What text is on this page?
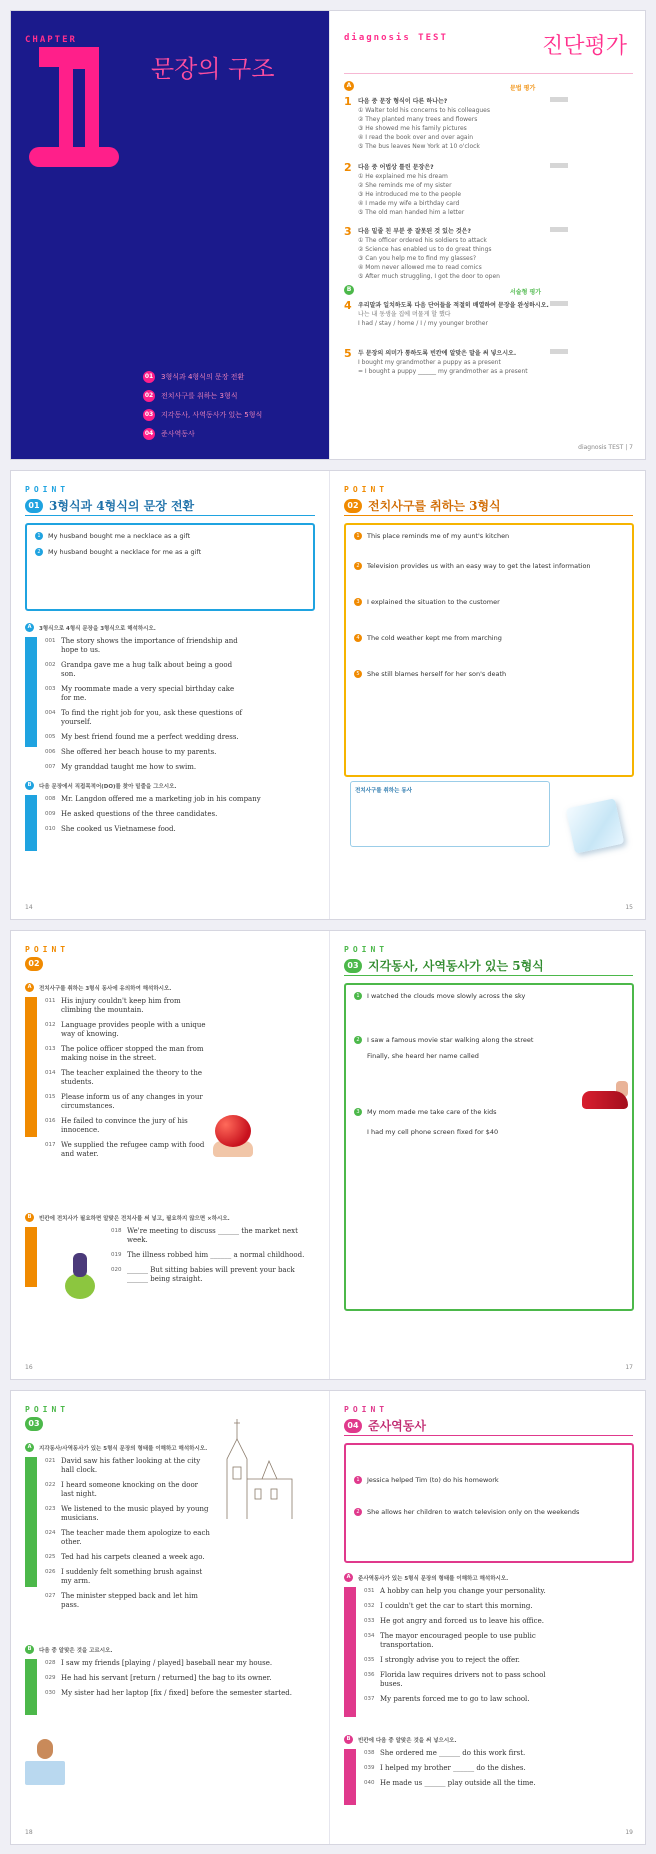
CHAPTER
문장의 구조
01 3형식과 4형식의 문장 전환
02 전치사구를 취하는 3형식
03 지각동사, 사역동사가 있는 5형식
04 준사역동사
diagnosis TEST	진단평가
A	문법 평가
1 다음 중 문장 형식이 다른 하나는?
① Walter told his concerns to his colleagues
② They planted many trees and flowers
③ He showed me his family pictures
④ I read the book over and over again
⑤ The bus leaves New York at 10 o'clock
2 다음 중 어법상 틀린 문장은?
① He explained me his dream
② She reminds me of my sister
③ He introduced me to the people
④ I made my wife a birthday card
⑤ The old man handed him a letter
3 다음 밑줄 친 부분 중 잘못된 것 있는 것은?
① The officer ordered his soldiers to attack
② Science has enabled us to do great things
③ Can you help me to find my glasses?
④ Mom never allowed me to read comics
⑤ After much struggling, I got the door to open
B	서술형 평가
4 우리말과 일치하도록 다음 단어들을 적절히 배열하여 문장을 완성하시오.
나는 내 동생을 집에 머물게 할 했다
I had / stay / home / I / my younger brother
5 두 문장의 의미가 통하도록 빈칸에 알맞은 말을 써 넣으시오.
I bought my grandmother a puppy as a present
= I bought a puppy ______ my grandmother as a present
diagnosis TEST | 7
POINT
01 3형식과 4형식의 문장 전환
1	My husband bought me a necklace as a gift
2	My husband bought a necklace for me as a gift
A	3형식으로 4형식 문장을 3형식으로 해석하시오.
001 The story shows the importance of friendship and hope to us.
002 Grandpa gave me a hug talk about being a good son.
003 My roommate made a very special birthday cake for me.
004 To find the right job for you, ask these questions of yourself.
005 My best friend found me a perfect wedding dress.
006 She offered her beach house to my parents.
007 My granddad taught me how to swim.
B	다음 문장에서 직접목적어(DO)를 찾아 밑줄을 그으시오.
008 Mr. Langdon offered me a marketing job in his company
009 He asked questions of the three candidates.
010 She cooked us Vietnamese food.
14
POINT
02 전치사구를 취하는 3형식
1	This place reminds me of my aunt's kitchen
2	Television provides us with an easy way to get the latest information
3	I explained the situation to the customer
4	The cold weather kept me from marching
5	She still blames herself for her son's death
전치사구를 취하는 동사
15
POINT
02
A	전치사구를 취하는 3형식 동사에 유의하여 해석하시오.
011 His injury couldn't keep him from climbing the mountain.
012 Language provides people with a unique way of knowing.
013 The police officer stopped the man from making noise in the street.
014 The teacher explained the theory to the students.
015 Please inform us of any changes in your circumstances.
016 He failed to convince the jury of his innocence.
017 We supplied the refugee camp with food and water.
B	빈칸에 전치사가 필요하면 알맞은 전치사를 써 넣고, 필요하지 않으면 ×하시오.
018 We're meeting to discuss ______ the market next week.
019 The illness robbed him ______ a normal childhood.
020 ______ But sitting babies will prevent your back ______ being straight.
16
POINT
03 지각동사, 사역동사가 있는 5형식
1	I watched the clouds move slowly across the sky
2	I saw a famous movie star walking along the street
Finally, she heard her name called
3	My mom made me take care of the kids
I had my cell phone screen fixed for $40
17
POINT
03
A	지각동사/사역동사가 있는 5형식 문장의 형태를 이해하고 해석하시오.
021 David saw his father looking at the city hall clock.
022 I heard someone knocking on the door last night.
023 We listened to the music played by young musicians.
024 The teacher made them apologize to each other.
025 Ted had his carpets cleaned a week ago.
026 I suddenly felt something brush against my arm.
027 The minister stepped back and let him pass.
B	다음 중 알맞은 것을 고르시오.
028 I saw my friends [playing / played] baseball near my house.
029 He had his servant [return / returned] the bag to its owner.
030 My sister had her laptop [fix / fixed] before the semester started.
18
POINT
04 준사역동사
1	Jessica helped Tim (to) do his homework
2	She allows her children to watch television only on the weekends
A	준사역동사가 있는 5형식 문장의 형태를 이해하고 해석하시오.
031 A hobby can help you change your personality.
032 I couldn't get the car to start this morning.
033 He got angry and forced us to leave his office.
034 The mayor encouraged people to use public transportation.
035 I strongly advise you to reject the offer.
036 Florida law requires drivers not to pass school buses.
037 My parents forced me to go to law school.
B	빈칸에 다음 중 알맞은 것을 써 넣으시오.
038 She ordered me ______ do this work first.
039 I helped my brother ______ do the dishes.
040 He made us ______ play outside all the time.
19
